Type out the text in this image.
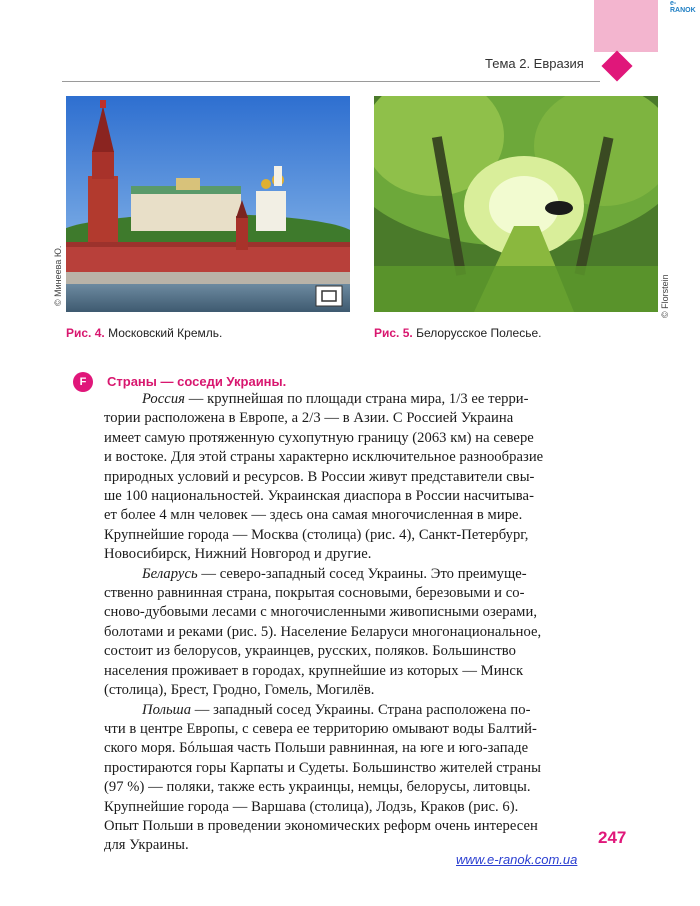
e-RANOK
Тема 2. Евразия
© Минеева Ю.	© Florstein
Рис. 4. Московский Кремль.	Рис. 5. Белорусское Полесье.
F	Страны — соседи Украины.

Россия — крупнейшая по площади страна мира, 1/3 ее терри-
тории расположена в Европе, а 2/3 — в Азии. С Россией Украина
имеет самую протяженную сухопутную границу (2063 км) на севере
и востоке. Для этой страны характерно исключительное разнообразие
природных условий и ресурсов. В России живут представители свы-
ше 100 национальностей. Украинская диаспора в России насчитыва-
ет более 4 млн человек — здесь она самая многочисленная в мире.
Крупнейшие города — Москва (столица) (рис. 4), Санкт-Петербург,
Новосибирск, Нижний Новгород и другие.

Беларусь — северо-западный сосед Украины. Это преимуще-
ственно равнинная страна, покрытая сосновыми, березовыми и со-
сново-дубовыми лесами с многочисленными живописными озерами,
болотами и реками (рис. 5). Население Беларуси многонациональное,
состоит из белорусов, украинцев, русских, поляков. Большинство
населения проживает в городах, крупнейшие из которых — Минск
(столица), Брест, Гродно, Гомель, Могилёв.

Польша — западный сосед Украины. Страна расположена по-
чти в центре Европы, с севера ее территорию омывают воды Балтий-
ского моря. Бóльшая часть Польши равнинная, на юге и юго-западе
простираются горы Карпаты и Судеты. Большинство жителей страны
(97 %) — поляки, также есть украинцы, немцы, белорусы, литовцы.
Крупнейшие города — Варшава (столица), Лодзь, Краков (рис. 6).
Опыт Польши в проведении экономических реформ очень интересен
для Украины.	247
www.e-ranok.com.ua
